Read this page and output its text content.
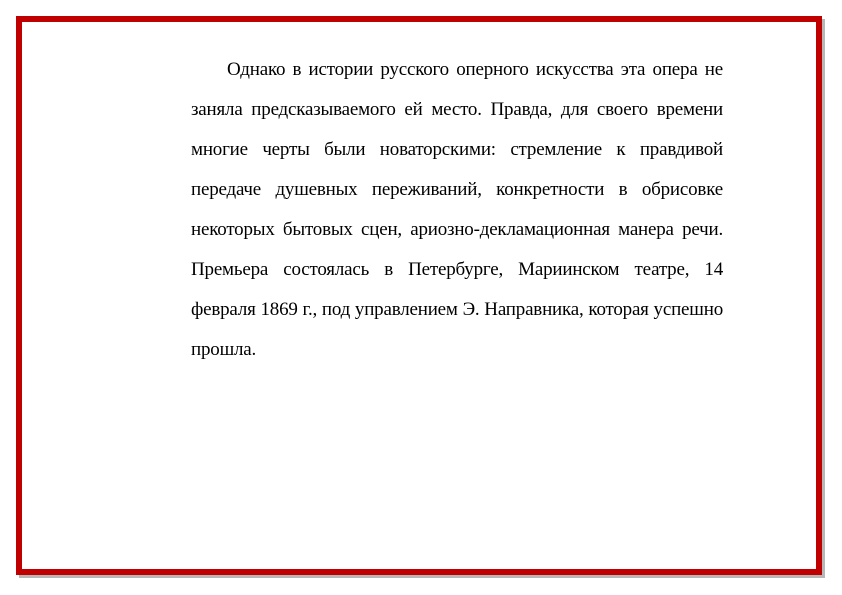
Однако в истории русского оперного искусства эта опера не заняла предсказываемого ей место. Правда, для своего времени многие черты были новаторскими: стремление к правдивой передаче душевных переживаний, конкретности в обрисовке некоторых бытовых сцен, ариозно-декламационная манера речи. Премьера состоялась в Петербурге, Мариинском театре, 14 февраля 1869 г., под управлением Э. Направника, которая успешно прошла.
